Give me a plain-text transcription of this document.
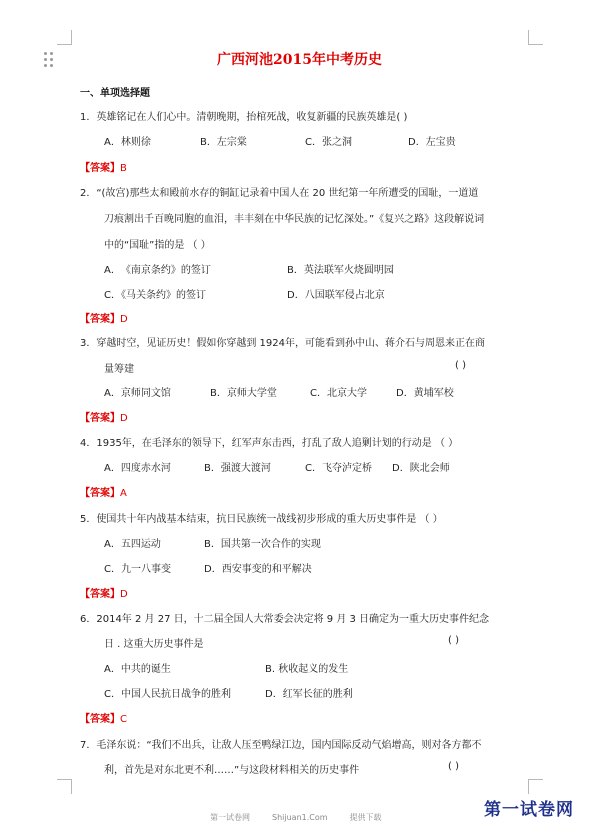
广西河池2015年中考历史
一、单项选择题
1．英雄铭记在人们心中。清朝晚期，抬棺死战，收复新疆的民族英雄是( )
A．林则徐	B．左宗棠	C．张之洞	D．左宝贵
【答案】B
2．“(故宫)那些太和殿前水存的铜缸记录着中国人在 20 世纪第一年所遭受的国耻，一道道
刀痕割出千百晚同胞的血泪，丰丰刻在中华民族的记忆深处。”《复兴之路》这段解说词
中的“国耻”指的是 （ ）
A．　《南京条约》的签订	B．英法联军火烧圆明园
C．《马关条约》的签订	D．八国联军侵占北京
【答案】D
3．穿越时空，见证历史！假如你穿越到 1924年，可能看到孙中山、蒋介石与周恩来正在商
量筹建	( )
A．京师同文馆	B．京师大学堂	C．北京大学	D．黄埔军校
【答案】D
4．1935年，在毛泽东的领导下，红军声东击西，打乱了敌人追剿计划的行动是 （ ）
A．四度赤水河	B．强渡大渡河	C．飞夺泸定桥 D．陕北会师
【答案】A
5．使国共十年内战基本结束，抗日民族统一战线初步形成的重大历史事件是 （ ）
A．五四运动	B．国共第一次合作的实现
C．九一八事变	D．西安事变的和平解决
【答案】D
6．2014年 2 月 27 日，十二届全国人大常委会决定将 9 月 3 日确定为一重大历史事件纪念
日 . 这重大历史事件是	( )
A．中共的诞生	B. 秋收起义的发生
C．中国人民抗日战争的胜利	D．红军长征的胜利
【答案】C
7．毛泽东说：“我们不出兵，让敌人压至鸭绿江边，国内国际反动气焰增高，则对各方都不
利，首先是对东北更不利……”与这段材料相关的历史事件	( )
第一试卷网	Shijuan1.Com	提供下载	第一试卷网
